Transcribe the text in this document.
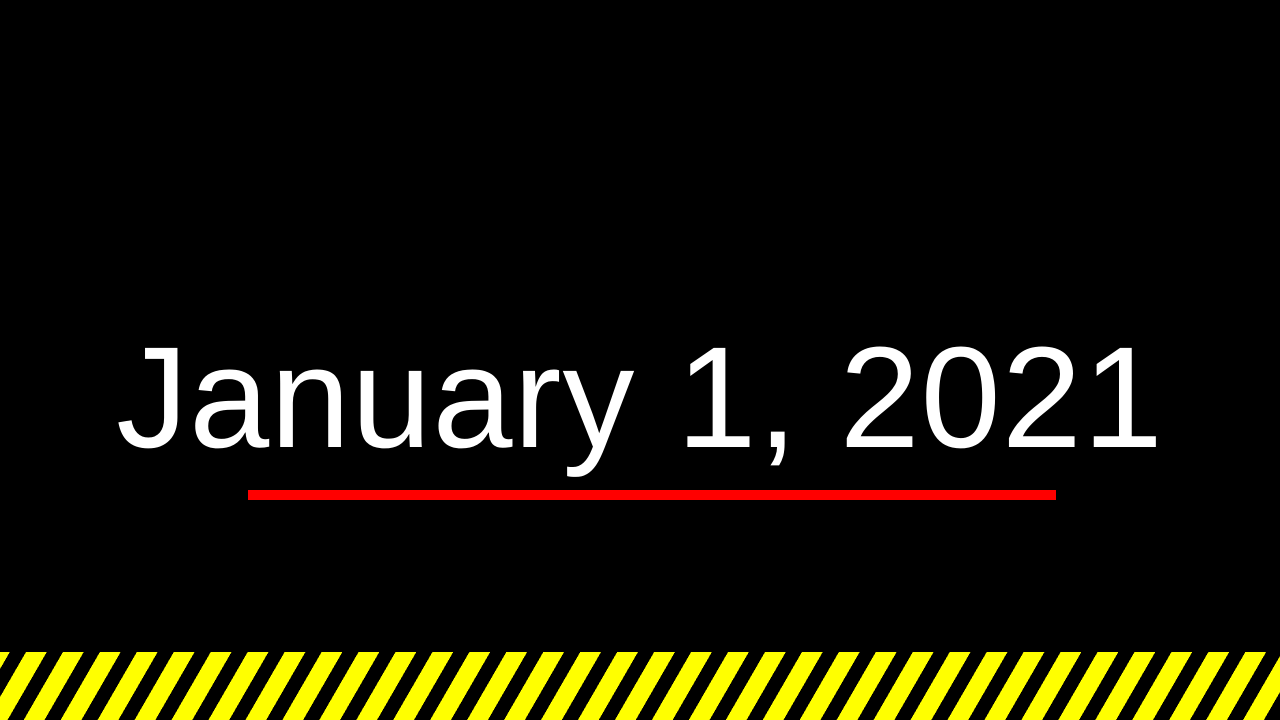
January 1, 2021
